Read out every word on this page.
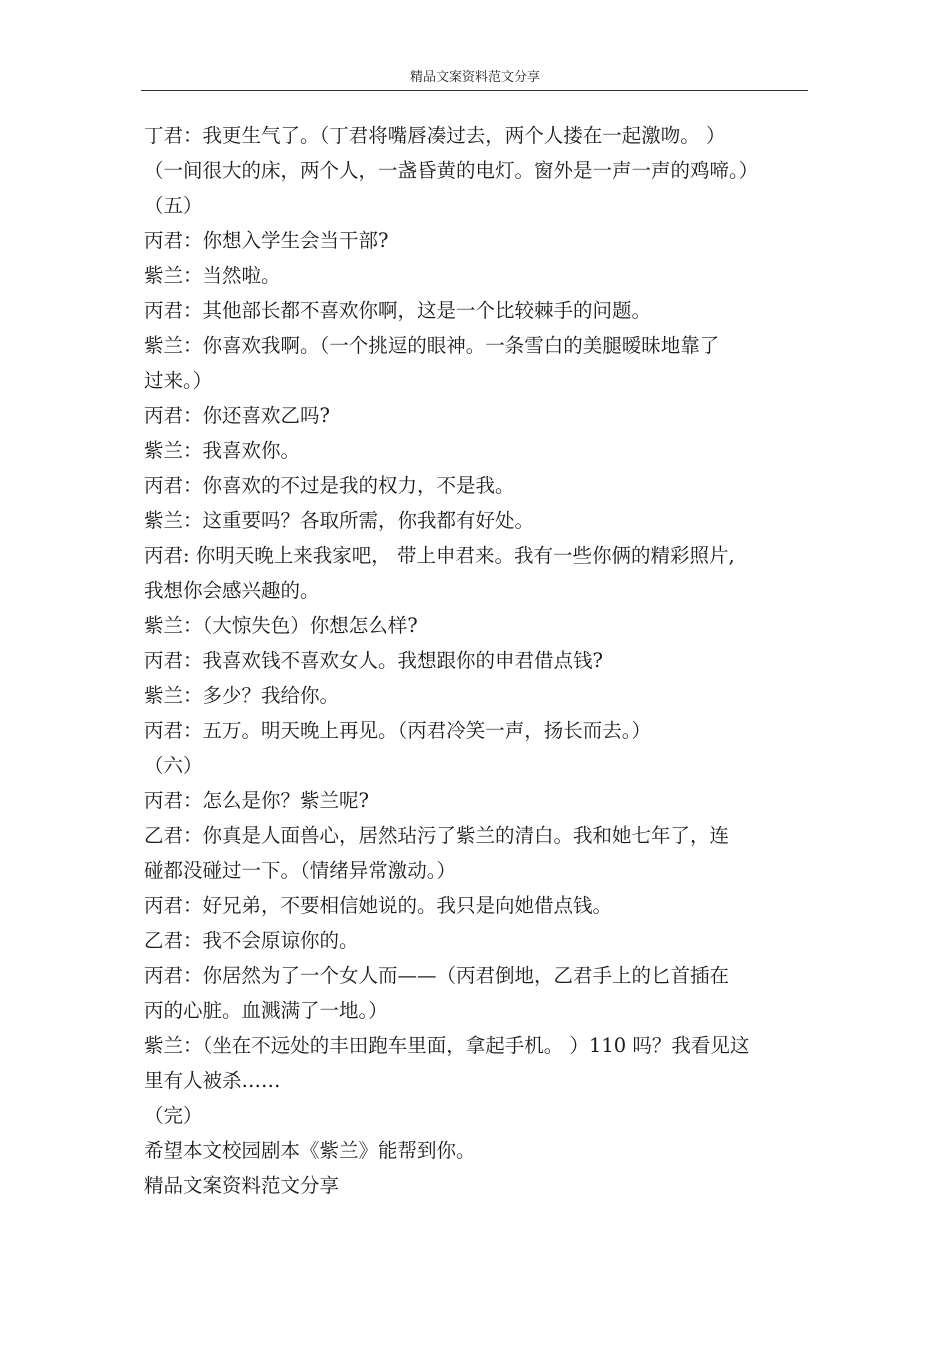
精品文案资料范文分享
丁君：我更生气了。（丁君将嘴唇凑过去，两个人搂在一起激吻。 ）
（一间很大的床，两个人，一盏昏黄的电灯。窗外是一声一声的鸡啼。）
（五）
丙君：你想入学生会当干部?
紫兰：当然啦。
丙君：其他部长都不喜欢你啊，这是一个比较棘手的问题。
紫兰：你喜欢我啊。（一个挑逗的眼神。一条雪白的美腿暧昧地靠了
过来。）
丙君：你还喜欢乙吗?
紫兰：我喜欢你。
丙君：你喜欢的不过是我的权力，不是我。
紫兰：这重要吗？各取所需，你我都有好处。
丙君: 你明天晚上来我家吧， 带上申君来。我有一些你俩的精彩照片,
我想你会感兴趣的。
紫兰：（大惊失色）你想怎么样?
丙君：我喜欢钱不喜欢女人。我想跟你的申君借点钱?
紫兰：多少？我给你。
丙君：五万。明天晚上再见。（丙君冷笑一声，扬长而去。）
（六）
丙君：怎么是你？紫兰呢?
乙君：你真是人面兽心，居然玷污了紫兰的清白。我和她七年了，连
碰都没碰过一下。（情绪异常激动。）
丙君：好兄弟，不要相信她说的。我只是向她借点钱。
乙君：我不会原谅你的。
丙君：你居然为了一个女人而——（丙君倒地，乙君手上的匕首插在
丙的心脏。血溅满了一地。）
紫兰：（坐在不远处的丰田跑车里面，拿起手机。 ）110 吗？我看见这
里有人被杀……
（完）
希望本文校园剧本《紫兰》能帮到你。
精品文案资料范文分享
